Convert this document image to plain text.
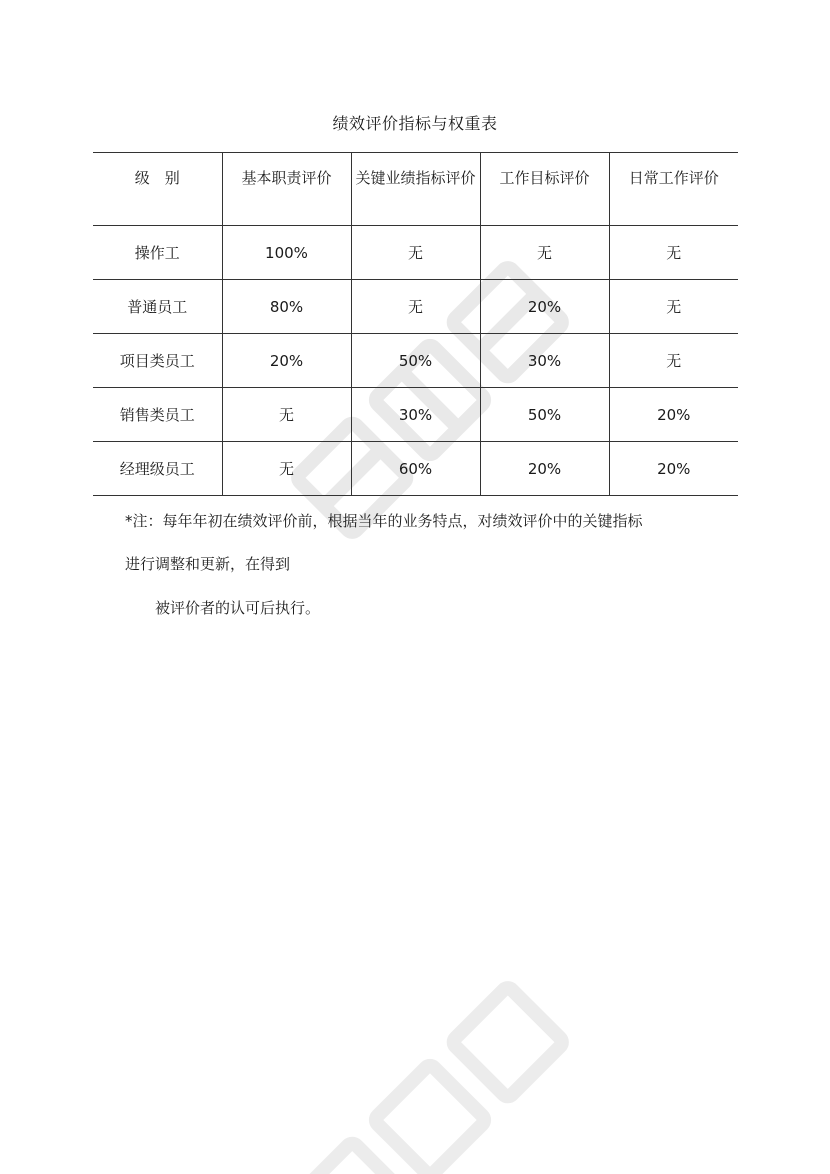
绩效评价指标与权重表
级　别	基本职责评价	关键业绩指标评价	工作目标评价	日常工作评价
操作工	100%	无	无	无
普通员工	80%	无	20%	无
项目类员工	20%	50%	30%	无
销售类员工	无	30%	50%	20%
经理级员工	无	60%	20%	20%
*注：每年年初在绩效评价前，根据当年的业务特点，对绩效评价中的关键指标
进行调整和更新，在得到
被评价者的认可后执行。
